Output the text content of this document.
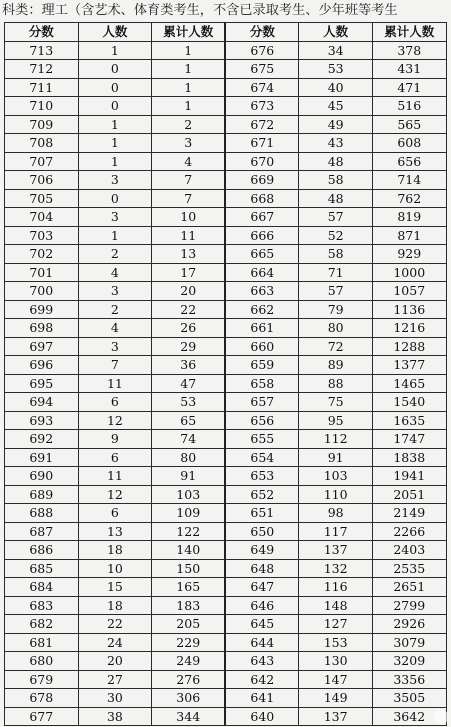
科类：理工（含艺术、体育类考生，不含已录取考生、少年班等考生
分数	人数	累计人数	分数	人数	累计人数
713	1	1	676	34	378
712	0	1	675	53	431
711	0	1	674	40	471
710	0	1	673	45	516
709	1	2	672	49	565
708	1	3	671	43	608
707	1	4	670	48	656
706	3	7	669	58	714
705	0	7	668	48	762
704	3	10	667	57	819
703	1	11	666	52	871
702	2	13	665	58	929
701	4	17	664	71	1000
700	3	20	663	57	1057
699	2	22	662	79	1136
698	4	26	661	80	1216
697	3	29	660	72	1288
696	7	36	659	89	1377
695	11	47	658	88	1465
694	6	53	657	75	1540
693	12	65	656	95	1635
692	9	74	655	112	1747
691	6	80	654	91	1838
690	11	91	653	103	1941
689	12	103	652	110	2051
688	6	109	651	98	2149
687	13	122	650	117	2266
686	18	140	649	137	2403
685	10	150	648	132	2535
684	15	165	647	116	2651
683	18	183	646	148	2799
682	22	205	645	127	2926
681	24	229	644	153	3079
680	20	249	643	130	3209
679	27	276	642	147	3356
678	30	306	641	149	3505
677	38	344	640	137	3642
